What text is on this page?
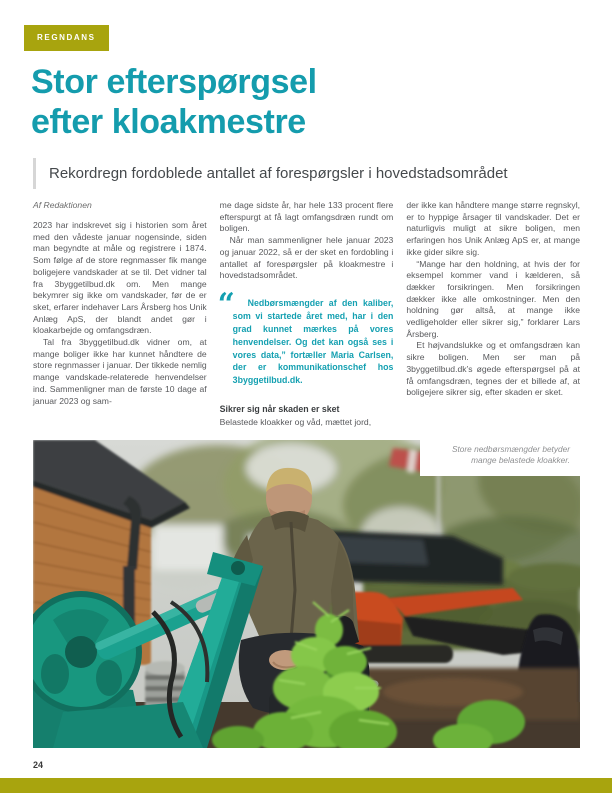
REGNDANS
Stor efterspørgsel
efter kloakmestre
Rekordregn fordoblede antallet af forespørgsler i hovedstadsområdet
Af Redaktionen

2023 har indskrevet sig i historien som året med den vådeste januar nogensinde, siden man begyndte at måle og registrere i 1874. Som følge af de store regnmasser fik mange boligejere vandskader at se til. Det vidner tal fra 3byggetilbud.dk om. Men mange bekymrer sig ikke om vandskader, før de er sket, erfarer indehaver Lars Årsberg hos Unik Anlæg ApS, der blandt andet gør i kloakarbejde og omfangsdræn.

Tal fra 3byggetilbud.dk vidner om, at mange boliger ikke har kunnet håndtere de store regnmasser i januar. Der tikkede nemlig mange vandskade-relaterede henvendelser ind. Sammenligner man de første 10 dage af januar 2023 og sam-

me dage sidste år, har hele 133 procent flere efterspurgt at få lagt omfangsdræn rundt om boligen.

Når man sammenligner hele januar 2023 og januar 2022, så er der sket en fordobling i antallet af forespørgsler på kloakmestre i hovedstadsområdet.

“ Nedbørsmængder af den kaliber, som vi startede året med, har i den grad kunnet mærkes på vores henvendelser. Og det kan også ses i vores data,” fortæller Maria Carlsen, der er kommunikationschef hos 3byggetilbud.dk.
Sikrer sig når skaden er sket

Belastede kloakker og våd, mættet jord,

der ikke kan håndtere mange større regnskyl, er to hyppige årsager til vandskader. Det er naturligvis muligt at sikre boligen, men erfaringen hos Unik Anlæg ApS er, at mange ikke gider sikre sig.

“Mange har den holdning, at hvis der for eksempel kommer vand i kælderen, så dækker forsikringen. Men forsikringen dækker ikke alle omkostninger. Men den holdning gør altså, at mange ikke vedligeholder eller sikrer sig,” forklarer Lars Årsberg.

Et højvandslukke og et omfangsdræn kan sikre boligen. Men ser man på 3byggetilbud.dk’s øgede efterspørgsel på at få omfangsdræn, tegnes der et billede af, at boligejere sikrer sig, efter skaden er sket.

Store nedbørsmængder betyder mange belastede kloakker.
24
